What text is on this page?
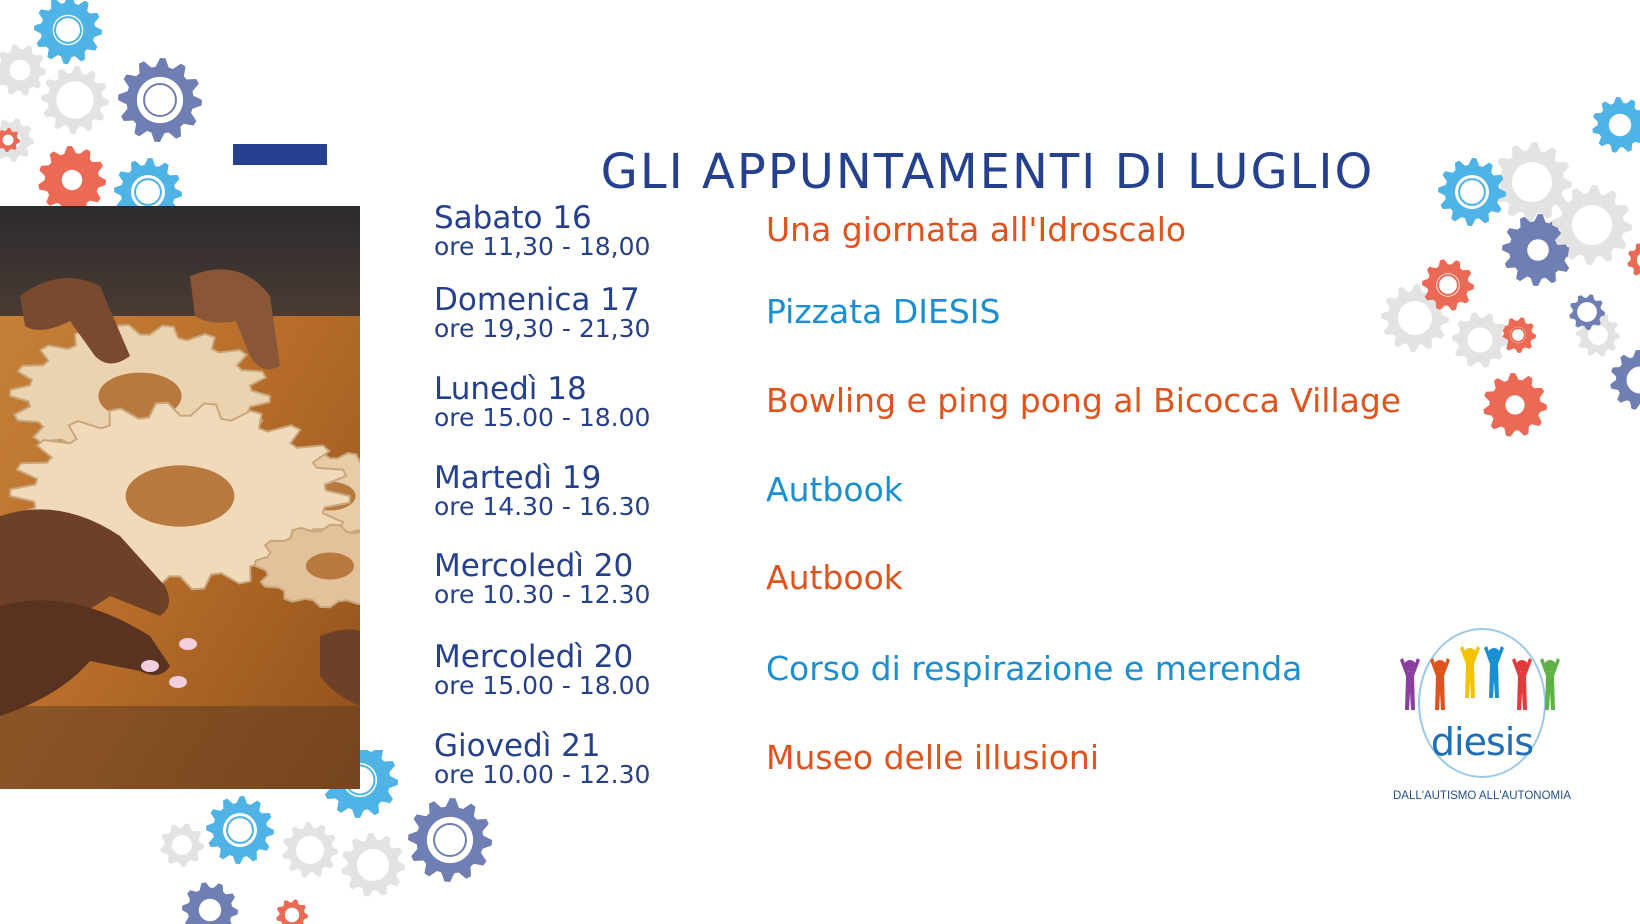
GLI APPUNTAMENTI DI LUGLIO
Sabato 16
ore 11,30 - 18,00	Una giornata all'Idroscalo
Domenica 17
ore 19,30 - 21,30	Pizzata DIESIS
Lunedì 18
ore 15.00 - 18.00	Bowling e ping pong al Bicocca Village
Martedì 19
ore 14.30 - 16.30	Autbook
Mercoledì 20
ore 10.30 - 12.30	Autbook
Mercoledì 20
ore 15.00 - 18.00	Corso di respirazione e merenda
Giovedì 21
ore 10.00 - 12.30	Museo delle illusioni	diesis
DALL'AUTISMO ALL'AUTONOMIA
